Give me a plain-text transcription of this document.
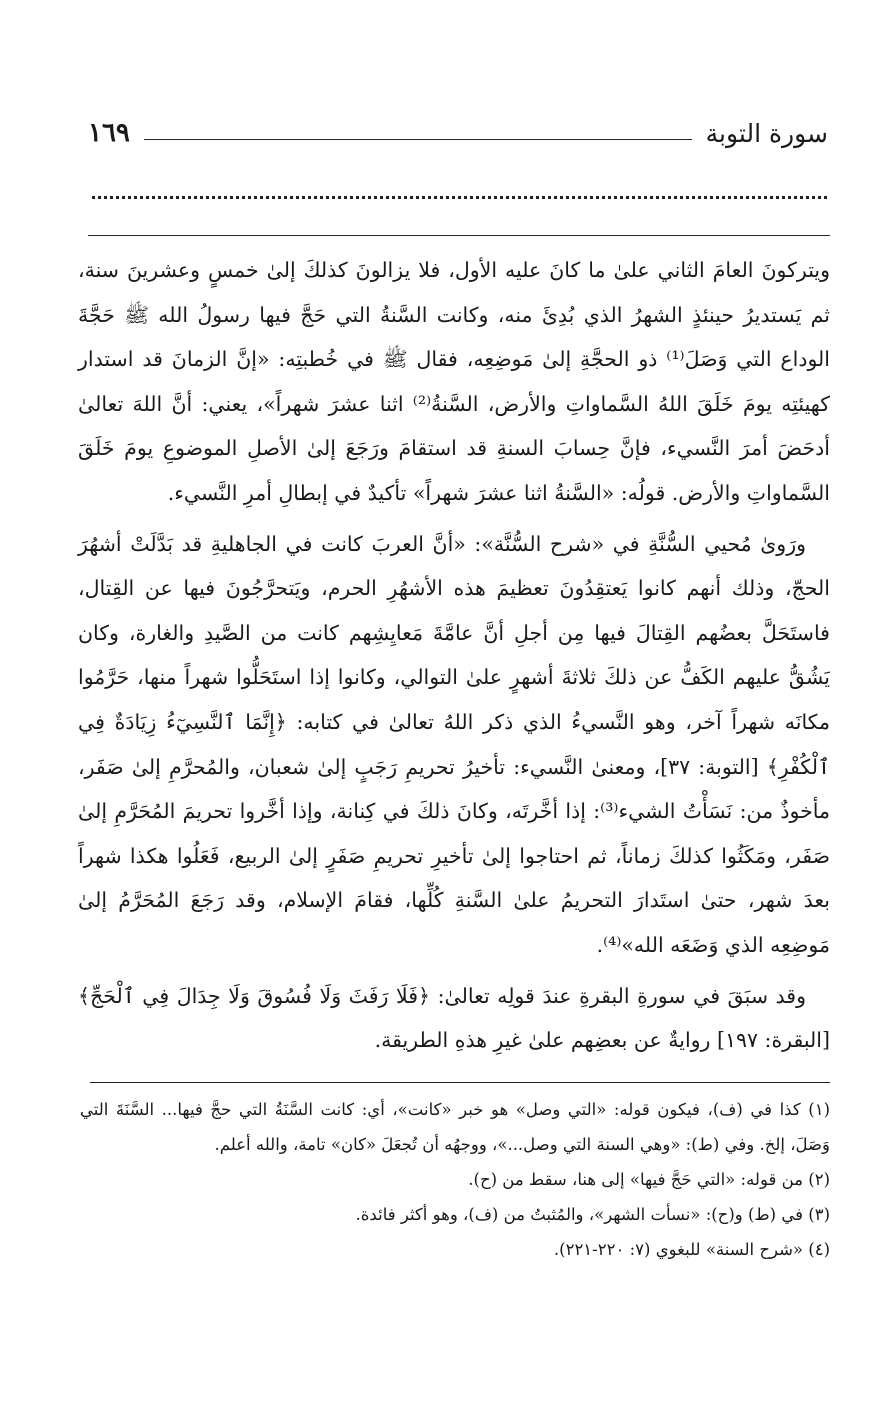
سورة التوبة
١٦٩

ويتركونَ العامَ الثاني علىٰ ما كانَ عليه الأول، فلا يزالونَ كذلكَ إلىٰ خمسٍ وعشرينَ سنة، ثم يَستديرُ حينئذٍ الشهرُ الذي بُدِئَ منه، وكانت السَّنةُ التي حَجَّ فيها رسولُ الله ﷺ حَجَّةَ الوداع التي وَصَلَ⁽¹⁾ ذو الحجَّةِ إلىٰ مَوضِعِه، فقال ﷺ في خُطبتِه: «إنَّ الزمانَ قد استدار كهيئتِه يومَ خَلَقَ اللهُ السَّماواتِ والأرض، السَّنةُ⁽²⁾ اثنا عشرَ شهراً»، يعني: أنَّ اللهَ تعالىٰ أدحَضَ أمرَ النَّسيء، فإنَّ حِسابَ السنةِ قد استقامَ ورَجَعَ إلىٰ الأصلِ الموضوعِ يومَ خَلَقَ السَّماواتِ والأرض. قولُه: «السَّنةُ اثنا عشرَ شهراً» تأكيدٌ في إبطالِ أمرِ النَّسيء.

ورَوىٰ مُحيي السُّنَّةِ في «شرح السُّنَّة»: «أنَّ العربَ كانت في الجاهليةِ قد بَدَّلَتْ أشهُرَ الحجّ، وذلك أنهم كانوا يَعتقِدُونَ تعظيمَ هذه الأشهُرِ الحرم، ويَتحرَّجُونَ فيها عن القِتال، فاستَحَلَّ بعضُهم القِتالَ فيها مِن أجلِ أنَّ عامَّةَ مَعايِشِهم كانت من الصَّيدِ والغارة، وكان يَشُقُّ عليهم الكَفُّ عن ذلكَ ثلاثةَ أشهرٍ علىٰ التوالي، وكانوا إذا استَحَلُّوا شهراً منها، حَرَّمُوا مكانَه شهراً آخر، وهو النَّسيءُ الذي ذكر اللهُ تعالىٰ في كتابه: ﴿إِنَّمَا ٱلنَّسِيٓءُ زِيَادَةٌ فِي ٱلْكُفْرِ﴾ [التوبة: ٣٧]، ومعنىٰ النَّسيء: تأخيرُ تحريمِ رَجَبٍ إلىٰ شعبان، والمُحرَّمِ إلىٰ صَفَر، مأخوذٌ من: نَسَأْتُ الشيء⁽³⁾: إذا أخَّرتَه، وكانَ ذلكَ في كِنانة، وإذا أخَّروا تحريمَ المُحَرَّمِ إلىٰ صَفَر، ومَكَثُوا كذلكَ زماناً، ثم احتاجوا إلىٰ تأخيرِ تحريمِ صَفَرٍ إلىٰ الربيع، فَعَلُوا هكذا شهراً بعدَ شهر، حتىٰ استَدارَ التحريمُ علىٰ السَّنةِ كُلِّها، فقامَ الإسلام، وقد رَجَعَ المُحَرَّمُ إلىٰ مَوضِعِه الذي وَضَعَه الله»⁽⁴⁾.

وقد سبَقَ في سورةِ البقرةِ عندَ قولِه تعالىٰ: ﴿فَلَا رَفَثَ وَلَا فُسُوقَ وَلَا جِدَالَ فِي ٱلْحَجِّ﴾ [البقرة: ١٩٧] روايةٌ عن بعضِهم علىٰ غيرِ هذهِ الطريقة.

(١) كذا في (ف)، فيكون قوله: «التي وصل» هو خبر «كانت»، أي: كانت السَّنَةُ التي حجَّ فيها... السَّنَةَ التي وَصَلَ، إلخ. وفي (ط): «وهي السنة التي وصل...»، ووجهُه أن تُجعَلَ «كان» تامة، والله أعلم.

(٢) من قوله: «التي حَجَّ فيها» إلى هنا، سقط من (ح).

(٣) في (ط) و(ح): «نسأت الشهر»، والمُثبتُ من (ف)، وهو أكثر فائدة.

(٤) «شرح السنة» للبغوي (٧: ٢٢٠-٢٢١).
